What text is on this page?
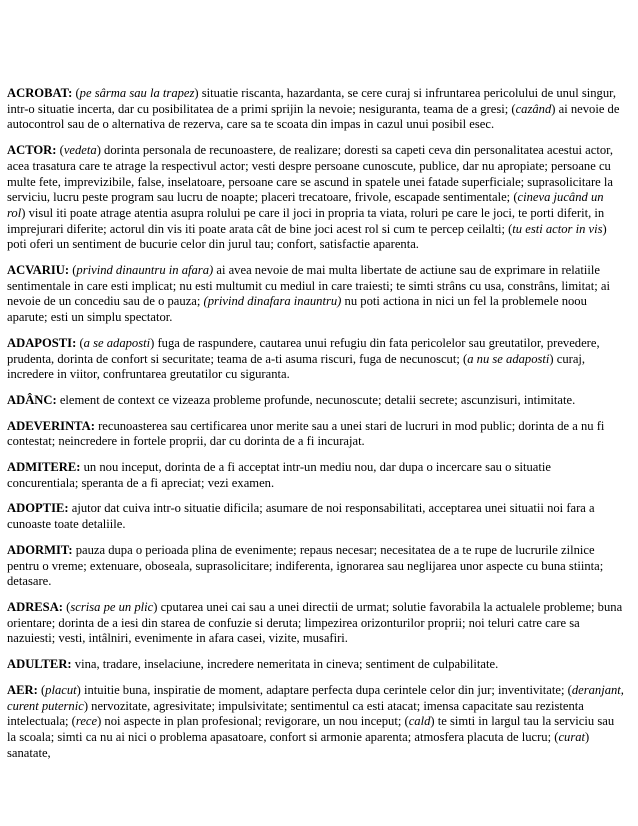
ACROBAT: (pe sârma sau la trapez) situatie riscanta, hazardanta, se cere curaj si infruntarea pericolului de unul singur, intr-o situatie incerta, dar cu posibilitatea de a primi sprijin la nevoie; nesiguranta, teama de a gresi; (cazând) ai nevoie de autocontrol sau de o alternativa de rezerva, care sa te scoata din impas in cazul unui posibil esec.

ACTOR: (vedeta) dorinta personala de recunoastere, de realizare; doresti sa capeti ceva din personalitatea acestui actor, acea trasatura care te atrage la respectivul actor; vesti despre persoane cunoscute, publice, dar nu apropiate; persoane cu multe fete, imprevizibile, false, inselatoare, persoane care se ascund in spatele unei fatade superficiale; suprasolicitare la serviciu, lucru peste program sau lucru de noapte; placeri trecatoare, frivole, escapade sentimentale; (cineva jucând un rol) visul iti poate atrage atentia asupra rolului pe care il joci in propria ta viata, roluri pe care le joci, te porti diferit, in imprejurari diferite; actorul din vis iti poate arata cât de bine joci acest rol si cum te percep ceilalti; (tu esti actor in vis) poti oferi un sentiment de bucurie celor din jurul tau; confort, satisfactie aparenta.

ACVARIU: (privind dinauntru in afara) ai avea nevoie de mai multa libertate de actiune sau de exprimare in relatiile sentimentale in care esti implicat; nu esti multumit cu mediul in care traiesti; te simti strâns cu usa, constrâns, limitat; ai nevoie de un concediu sau de o pauza; (privind dinafara inauntru) nu poti actiona in nici un fel la problemele noou aparute; esti un simplu spectator.

ADAPOSTI: (a se adaposti) fuga de raspundere, cautarea unui refugiu din fata pericolelor sau greutatilor, prevedere, prudenta, dorinta de confort si securitate; teama de a-ti asuma riscuri, fuga de necunoscut; (a nu se adaposti) curaj, incredere in viitor, confruntarea greutatilor cu siguranta.

ADÂNC: element de context ce vizeaza probleme profunde, necunoscute; detalii secrete; ascunzisuri, intimitate.

ADEVERINTA: recunoasterea sau certificarea unor merite sau a unei stari de lucruri in mod public; dorinta de a nu fi contestat; neincredere in fortele proprii, dar cu dorinta de a fi incurajat.

ADMITERE: un nou inceput, dorinta de a fi acceptat intr-un mediu nou, dar dupa o incercare sau o situatie concurentiala; speranta de a fi apreciat; vezi examen.

ADOPTIE: ajutor dat cuiva intr-o situatie dificila; asumare de noi responsabilitati, acceptarea unei situatii noi fara a cunoaste toate detaliile.

ADORMIT: pauza dupa o perioada plina de evenimente; repaus necesar; necesitatea de a te rupe de lucrurile zilnice pentru o vreme; extenuare, oboseala, suprasolicitare; indiferenta, ignorarea sau neglijarea unor aspecte cu buna stiinta; detasare.

ADRESA: (scrisa pe un plic) cputarea unei cai sau a unei directii de urmat; solutie favorabila la actualele probleme; buna orientare; dorinta de a iesi din starea de confuzie si deruta; limpezirea orizonturilor proprii; noi teluri catre care sa nazuiesti; vesti, intâlniri, evenimente in afara casei, vizite, musafiri.

ADULTER: vina, tradare, inselaciune, incredere nemeritata in cineva; sentiment de culpabilitate.

AER: (placut) intuitie buna, inspiratie de moment, adaptare perfecta dupa cerintele celor din jur; inventivitate; (deranjant, curent puternic) nervozitate, agresivitate; impulsivitate; sentimentul ca esti atacat; imensa capacitate sau rezistenta intelectuala; (rece) noi aspecte in plan profesional; revigorare, un nou inceput; (cald) te simti in largul tau la serviciu sau la scoala; simti ca nu ai nici o problema apasatoare, confort si armonie aparenta; atmosfera placuta de lucru; (curat) sanatate,
